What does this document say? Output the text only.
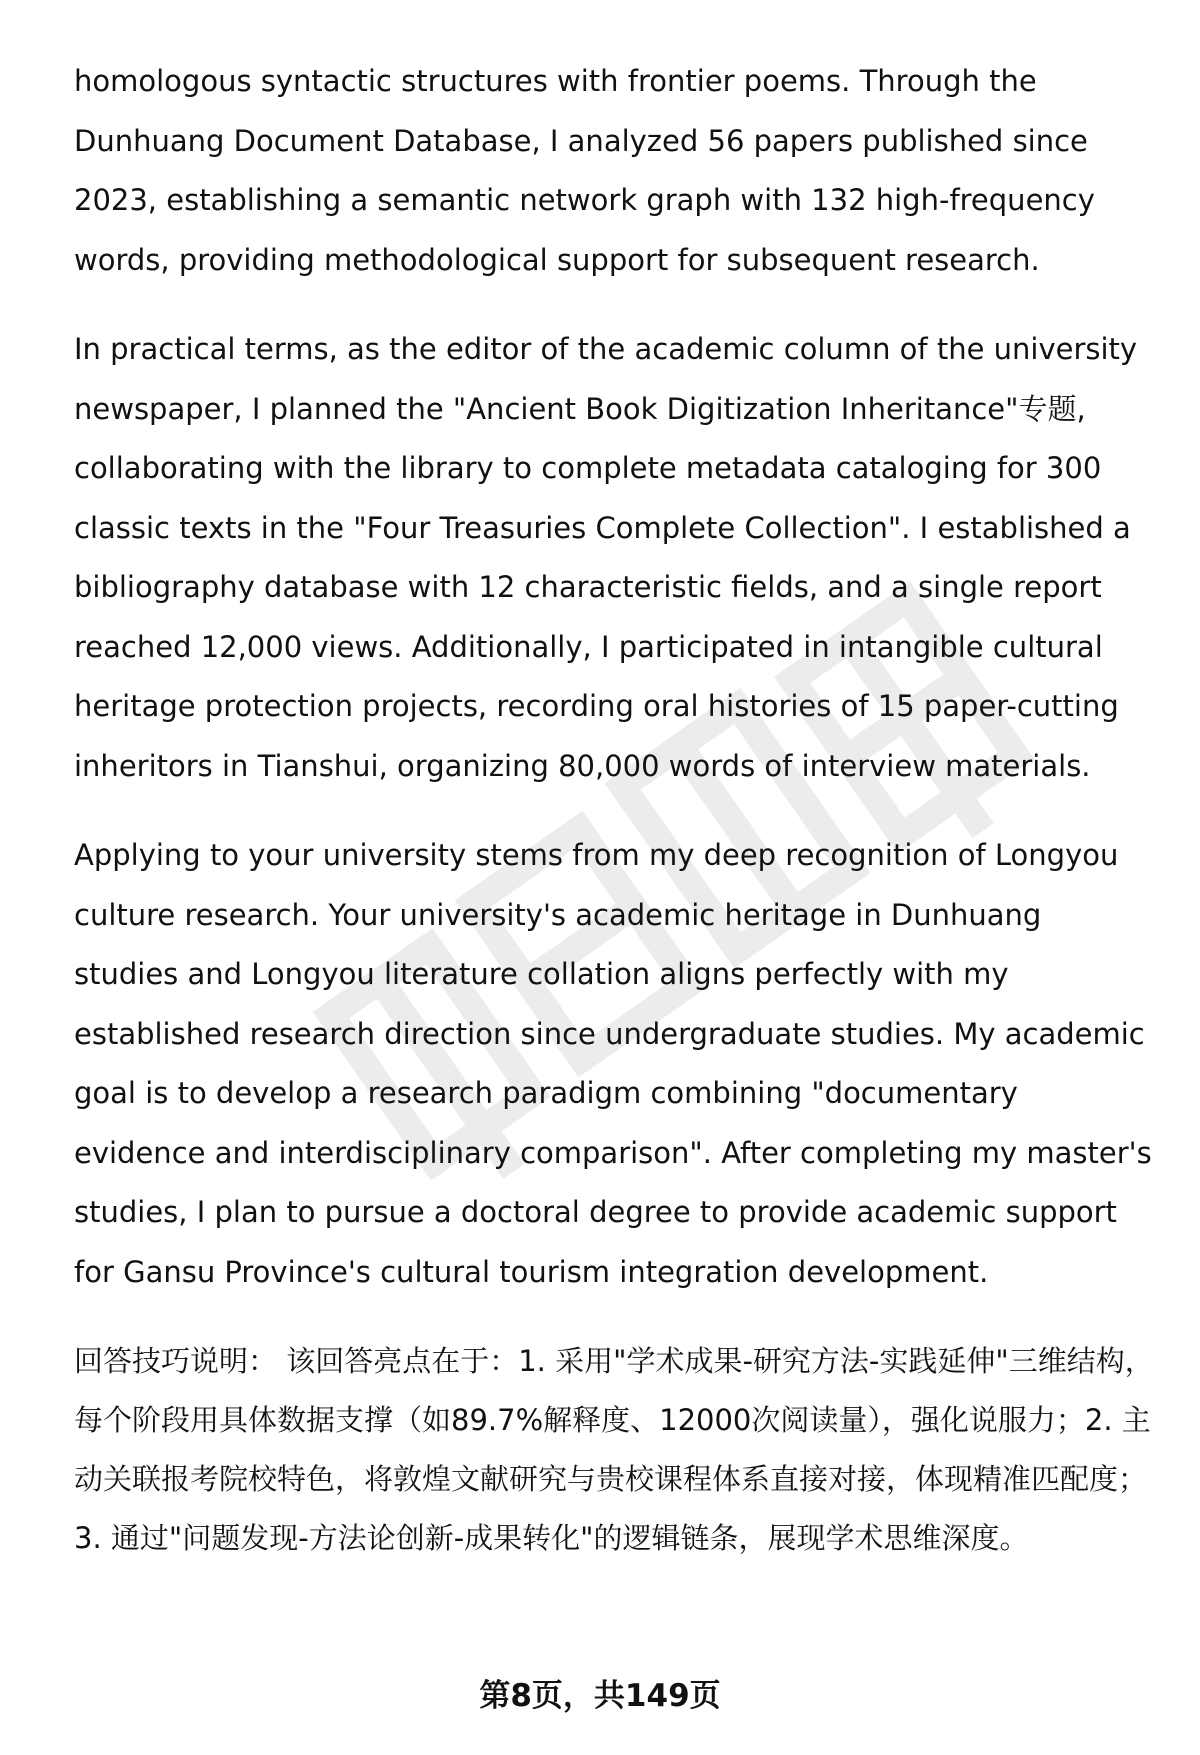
homologous syntactic structures with frontier poems. Through the Dunhuang Document Database, I analyzed 56 papers published since 2023, establishing a semantic network graph with 132 high-frequency words, providing methodological support for subsequent research.

In practical terms, as the editor of the academic column of the university newspaper, I planned the "Ancient Book Digitization Inheritance"专题, collaborating with the library to complete metadata cataloging for 300 classic texts in the "Four Treasuries Complete Collection". I established a bibliography database with 12 characteristic fields, and a single report reached 12,000 views. Additionally, I participated in intangible cultural heritage protection projects, recording oral histories of 15 paper-cutting inheritors in Tianshui, organizing 80,000 words of interview materials.

Applying to your university stems from my deep recognition of Longyou culture research. Your university's academic heritage in Dunhuang studies and Longyou literature collation aligns perfectly with my established research direction since undergraduate studies. My academic goal is to develop a research paradigm combining "documentary evidence and interdisciplinary comparison". After completing my master's studies, I plan to pursue a doctoral degree to provide academic support for Gansu Province's cultural tourism integration development.

回答技巧说明： 该回答亮点在于：1. 采用"学术成果-研究方法-实践延伸"三维结构，每个阶段用具体数据支撑（如89.7%解释度、12000次阅读量），强化说服力；2. 主动关联报考院校特色，将敦煌文献研究与贵校课程体系直接对接，体现精准匹配度；3. 通过"问题发现-方法论创新-成果转化"的逻辑链条，展现学术思维深度。

第8页，共149页
